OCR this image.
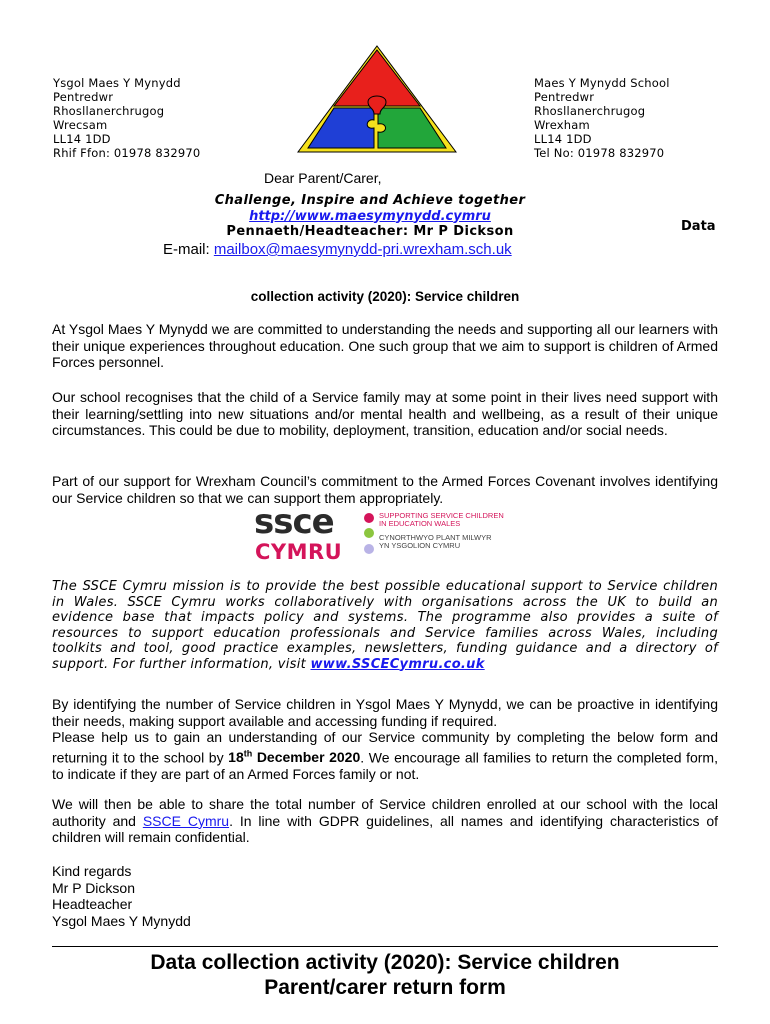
Ysgol Maes Y Mynydd
Pentredwr
Rhosllanerchrugog
Wrecsam
LL14 1DD
Rhif Ffon: 01978 832970
Maes Y Mynydd School
Pentredwr
Rhosllanerchrugog
Wrexham
LL14 1DD
Tel No: 01978 832970
Dear Parent/Carer,
Challenge, Inspire and Achieve together
http://www.maesymynydd.cymru
Pennaeth/Headteacher: Mr P Dickson
E-mail: mailbox@maesymynydd-pri.wrexham.sch.uk
Data
collection activity (2020): Service children
At Ysgol Maes Y Mynydd we are committed to understanding the needs and supporting all our learners with their unique experiences throughout education. One such group that we aim to support is children of Armed Forces personnel.
Our school recognises that the child of a Service family may at some point in their lives need support with their learning/settling into new situations and/or mental health and wellbeing, as a result of their unique circumstances. This could be due to mobility, deployment, transition, education and/or social needs.
Part of our support for Wrexham Council’s commitment to the Armed Forces Covenant involves identifying our Service children so that we can support them appropriately.
ssce
CYMRU
SUPPORTING SERVICE CHILDREN
IN EDUCATION WALES
CYNORTHWYO PLANT MILWYR
YN YSGOLION CYMRU
The SSCE Cymru mission is to provide the best possible educational support to Service children in Wales. SSCE Cymru works collaboratively with organisations across the UK to build an evidence base that impacts policy and systems. The programme also provides a suite of resources to support education professionals and Service families across Wales, including toolkits and tool, good practice examples, newsletters, funding guidance and a directory of support. For further information, visit www.SSCECymru.co.uk
By identifying the number of Service children in Ysgol Maes Y Mynydd, we can be proactive in identifying their needs, making support available and accessing funding if required.
Please help us to gain an understanding of our Service community by completing the below form and returning it to the school by 18th December 2020. We encourage all families to return the completed form, to indicate if they are part of an Armed Forces family or not.
We will then be able to share the total number of Service children enrolled at our school with the local authority and SSCE Cymru. In line with GDPR guidelines, all names and identifying characteristics of children will remain confidential.
Kind regards
Mr P Dickson
Headteacher
Ysgol Maes Y Mynydd
Data collection activity (2020): Service children
Parent/carer return form
